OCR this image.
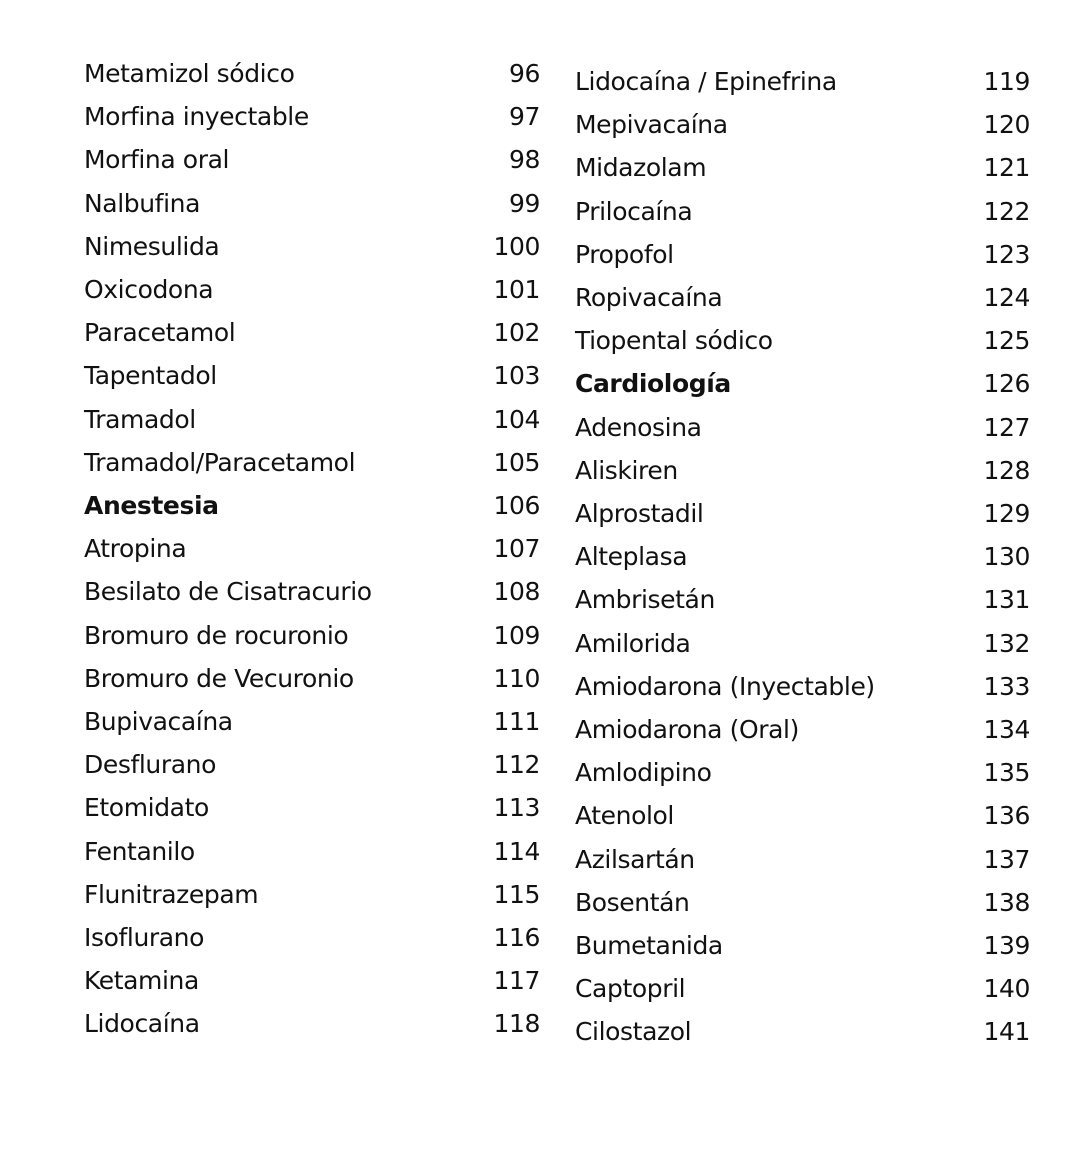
Metamizol sódico	96
Morfina inyectable	97
Morfina oral	98
Nalbufina	99
Nimesulida	100
Oxicodona	101
Paracetamol	102
Tapentadol	103
Tramadol	104
Tramadol/Paracetamol	105
Anestesia	106
Atropina	107
Besilato de Cisatracurio	108
Bromuro de rocuronio	109
Bromuro de Vecuronio	110
Bupivacaína	111
Desflurano	112
Etomidato	113
Fentanilo	114
Flunitrazepam	115
Isoflurano	116
Ketamina	117
Lidocaína	118
Lidocaína / Epinefrina	119
Mepivacaína	120
Midazolam	121
Prilocaína	122
Propofol	123
Ropivacaína	124
Tiopental sódico	125
Cardiología	126
Adenosina	127
Aliskiren	128
Alprostadil	129
Alteplasa	130
Ambrisetán	131
Amilorida	132
Amiodarona (Inyectable)	133
Amiodarona (Oral)	134
Amlodipino	135
Atenolol	136
Azilsartán	137
Bosentán	138
Bumetanida	139
Captopril	140
Cilostazol	141
